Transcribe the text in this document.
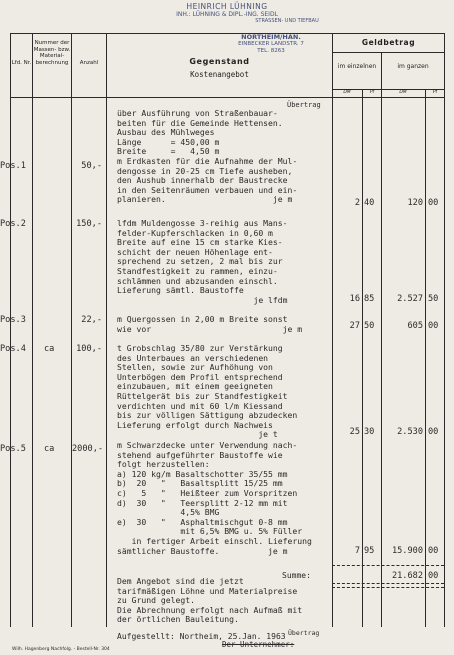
HEINRICH LÜHNING
INH.: LÜHNING & DIPL.-ING. SEIDL
STRASSEN- UND TIEFBAU
NORTHEIM/HAN.
EINBECKER LANDSTR. 7
TEL. 8263
Lfd. Nr.
Nummer der Massen- bzw. Material- berechnung	Anzahl	Gegenstand
Kostenangebot
Geldbetrag
im einzelnen	im ganzen
DM	Pf	DM	Pf
Übertrag
Pos.1	50,-
über Ausführung von Straßenbauar-
beiten für die Gemeinde Hettensen.
Ausbau des Mühlweges
Länge      = 450,00 m
Breite     =   4,50 m
m Erdkasten für die Aufnahme der Mul-
dengosse in 20-25 cm Tiefe ausheben,
den Aushub innerhalb der Baustrecke
in den Seitenräumen verbauen und ein-
planieren.                      je m	2 40	120 00
Pos.2	150,- lfdm Muldengosse 3-reihig aus Mans-
felder-Kupferschlacken in 0,60 m
Breite auf eine 15 cm starke Kies-
schicht der neuen Höhenlage ent-
sprechend zu setzen, 2 mal bis zur
Standfestigkeit zu rammen, einzu-
schlämmen und abzusanden einschl.
Lieferung sämtl. Baustoffe
je lfdm	16 85	2.527 50
Pos.3	22,- m Quergossen in 2,00 m Breite sonst
wie vor                           je m	27 50	605 00
Pos.4 ca	100,- t Grobschlag 35/80 zur Verstärkung
des Unterbaues an verschiedenen
Stellen, sowie zur Aufhöhung von
Unterbögen dem Profil entsprechend
einzubauen, mit einem geeigneten
Rüttelgerät bis zur Standfestigkeit
verdichten und mit 60 l/m Kiessand
bis zur völligen Sättigung abzudecken
Lieferung erfolgt durch Nachweis
je t	25 30	2.530 00
Pos.5 ca 2000,- m Schwarzdecke unter Verwendung nach-
stehend aufgeführter Baustoffe wie
folgt herzustellen:
a) 120 kg/m Basaltschotter 35/55 mm
b)  20   "   Basaltsplitt 15/25 mm
c)   5   "   Heißteer zum Vorspritzen
d)  30   "   Teersplitt 2-12 mm mit
4,5% BMG
e)  30   "   Asphaltmischgut 0-8 mm
mit 6,5% BMG u. 5% Füller
in fertiger Arbeit einschl. Lieferung
sämtlicher Baustoffe.          je m	7 95	15.900 00
Summe:	21.682 00
Dem Angebot sind die jetzt
tarifmäßigen Löhne und Materialpreise
zu Grund gelegt.
Die Abrechnung erfolgt nach Aufmaß mit
der örtlichen Bauleitung.
Aufgestellt: Northeim, 25.Jan. 1963
Der Unternehmer:
Übertrag
Wilh. Hagenberg Nachfolg. - Bestell-Nr. 304
